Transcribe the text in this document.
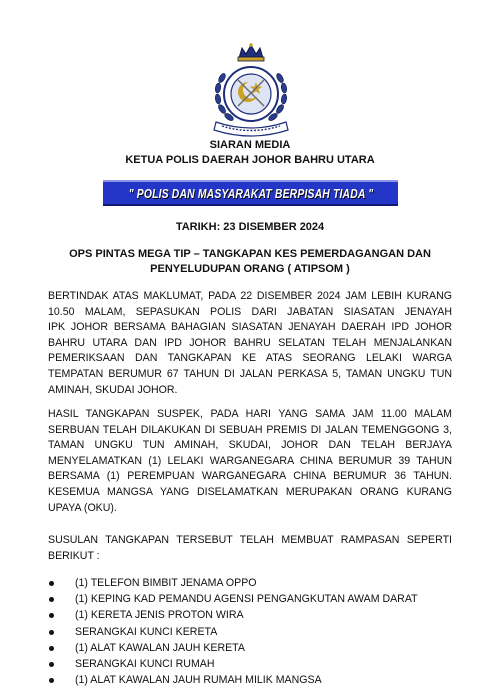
SIARAN MEDIA
KETUA POLIS DAERAH JOHOR BAHRU UTARA
" POLIS DAN MASYARAKAT BERPISAH TIADA "
TARIKH: 23 DISEMBER 2024
OPS PINTAS MEGA TIP – TANGKAPAN KES PEMERDAGANGAN DAN
PENYELUDUPAN ORANG ( ATIPSOM )
BERTINDAK ATAS MAKLUMAT, PADA 22 DISEMBER 2024 JAM LEBIH KURANG
10.50 MALAM, SEPASUKAN POLIS DARI JABATAN SIASATAN JENAYAH
IPK JOHOR BERSAMA BAHAGIAN SIASATAN JENAYAH DAERAH IPD JOHOR
BAHRU UTARA DAN IPD JOHOR BAHRU SELATAN TELAH MENJALANKAN
PEMERIKSAAN DAN TANGKAPAN KE ATAS SEORANG LELAKI WARGA
TEMPATAN BERUMUR 67 TAHUN DI JALAN PERKASA 5, TAMAN UNGKU TUN
AMINAH, SKUDAI JOHOR.
HASIL TANGKAPAN SUSPEK, PADA HARI YANG SAMA JAM 11.00 MALAM
SERBUAN TELAH DILAKUKAN DI SEBUAH PREMIS DI JALAN TEMENGGONG 3,
TAMAN UNGKU TUN AMINAH, SKUDAI, JOHOR DAN TELAH BERJAYA
MENYELAMATKAN (1) LELAKI WARGANEGARA CHINA BERUMUR 39 TAHUN
BERSAMA (1) PEREMPUAN WARGANEGARA CHINA BERUMUR 36 TAHUN.
KESEMUA MANGSA YANG DISELAMATKAN MERUPAKAN ORANG KURANG
UPAYA (OKU).
SUSULAN TANGKAPAN TERSEBUT TELAH MEMBUAT RAMPASAN SEPERTI
BERIKUT :
(1) TELEFON BIMBIT JENAMA OPPO
(1) KEPING KAD PEMANDU AGENSI PENGANGKUTAN AWAM DARAT
(1) KERETA JENIS PROTON WIRA
SERANGKAI KUNCI KERETA
(1) ALAT KAWALAN JAUH KERETA
SERANGKAI KUNCI RUMAH
(1) ALAT KAWALAN JAUH RUMAH MILIK MANGSA
